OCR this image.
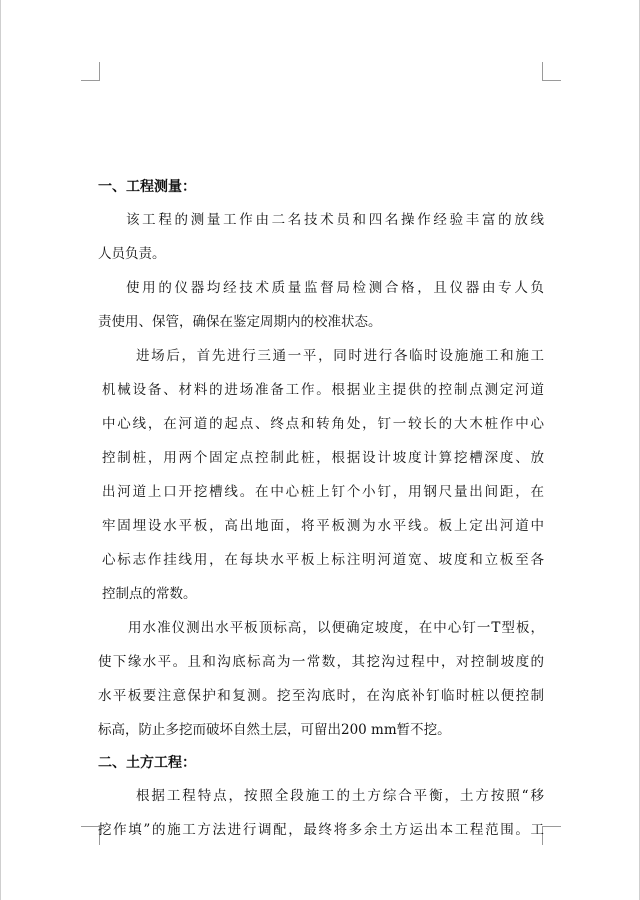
一、工程测量：
该工程的测量工作由二名技术员和四名操作经验丰富的放线
人员负责。
使用的仪器均经技术质量监督局检测合格，且仪器由专人负
责使用、保管，确保在鉴定周期内的校准状态。
进场后，首先进行三通一平，同时进行各临时设施施工和施工
机械设备、材料的进场准备工作。根据业主提供的控制点测定河道
中心线，在河道的起点、终点和转角处，钉一较长的大木桩作中心
控制桩，用两个固定点控制此桩，根据设计坡度计算挖槽深度、放
出河道上口开挖槽线。在中心桩上钉个小钉，用钢尺量出间距，在
牢固埋设水平板，高出地面，将平板测为水平线。板上定出河道中
心标志作挂线用，在每块水平板上标注明河道宽、坡度和立板至各
控制点的常数。
用水准仪测出水平板顶标高，以便确定坡度，在中心钉一T型板，
使下缘水平。且和沟底标高为一常数，其挖沟过程中，对控制坡度的
水平板要注意保护和复测。挖至沟底时，在沟底补钉临时桩以便控制
标高，防止多挖而破坏自然土层，可留出200 mm暂不挖。
二、土方工程：
根据工程特点，按照全段施工的土方综合平衡，土方按照“移
挖作填”的施工方法进行调配，最终将多余土方运出本工程范围。工
